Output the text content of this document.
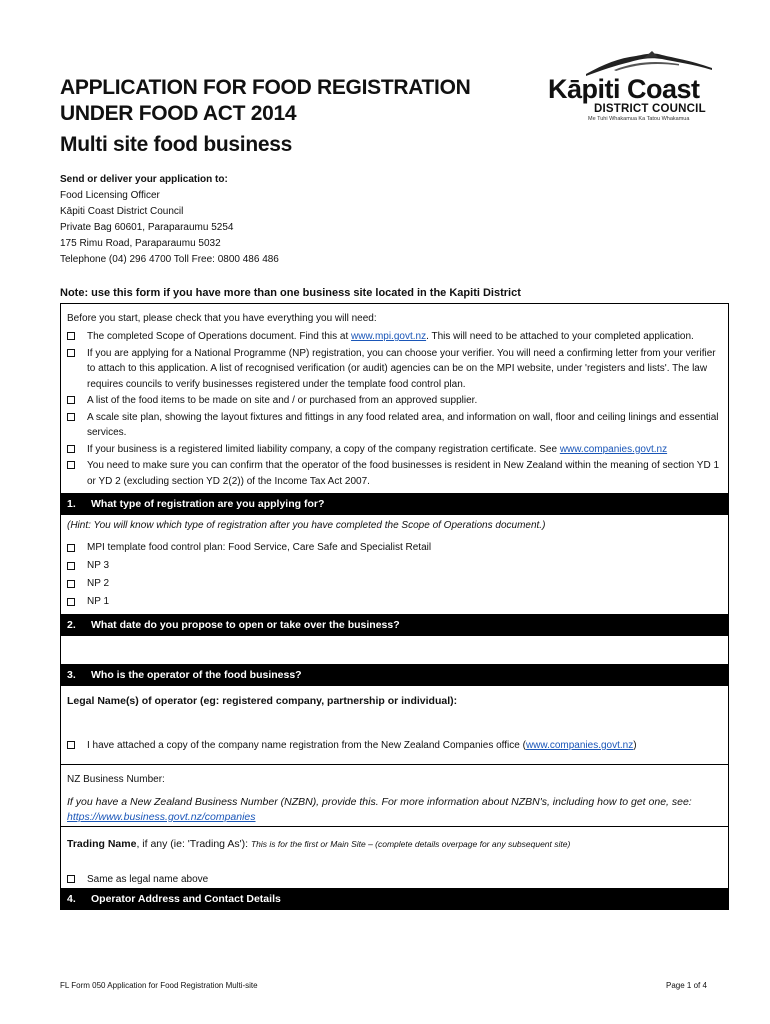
APPLICATION FOR FOOD REGISTRATION
UNDER FOOD ACT 2014
Multi site food business
Kāpiti Coast
DISTRICT COUNCIL
Me Tuhi Whakamua Ka Tatou Whakamua
Send or deliver your application to:
Food Licensing Officer
Kāpiti Coast District Council
Private Bag 60601, Paraparaumu 5254
175 Rimu Road, Paraparaumu 5032
Telephone (04) 296 4700 Toll Free: 0800 486 486
Note: use this form if you have more than one business site located in the Kapiti District
Before you start, please check that you have everything you will need:
The completed Scope of Operations document. Find this at www.mpi.govt.nz. This will need to be attached to your completed application.
If you are applying for a National Programme (NP) registration, you can choose your verifier. You will need a confirming letter from your verifier to attach to this application. A list of recognised verification (or audit) agencies can be on the MPI website, under 'registers and lists'. The law requires councils to verify businesses registered under the template food control plan.
A list of the food items to be made on site and / or purchased from an approved supplier.
A scale site plan, showing the layout fixtures and fittings in any food related area, and information on wall, floor and ceiling linings and essential services.
If your business is a registered limited liability company, a copy of the company registration certificate. See www.companies.govt.nz
You need to make sure you can confirm that the operator of the food businesses is resident in New Zealand within the meaning of section YD 1 or YD 2 (excluding section YD 2(2)) of the Income Tax Act 2007.
1. What type of registration are you applying for?
(Hint: You will know which type of registration after you have completed the Scope of Operations document.)
MPI template food control plan: Food Service, Care Safe and Specialist Retail
NP 3
NP 2
NP 1
2. What date do you propose to open or take over the business?
3. Who is the operator of the food business?
Legal Name(s) of operator (eg: registered company, partnership or individual):
I have attached a copy of the company name registration from the New Zealand Companies office (www.companies.govt.nz)
NZ Business Number:
If you have a New Zealand Business Number (NZBN), provide this. For more information about NZBN's, including how to get one, see: https://www.business.govt.nz/companies
Trading Name, if any (ie: 'Trading As'): This is for the first or Main Site – (complete details overpage for any subsequent site)
Same as legal name above
4. Operator Address and Contact Details
FL Form 050 Application for Food Registration Multi-site	Page 1 of 4
